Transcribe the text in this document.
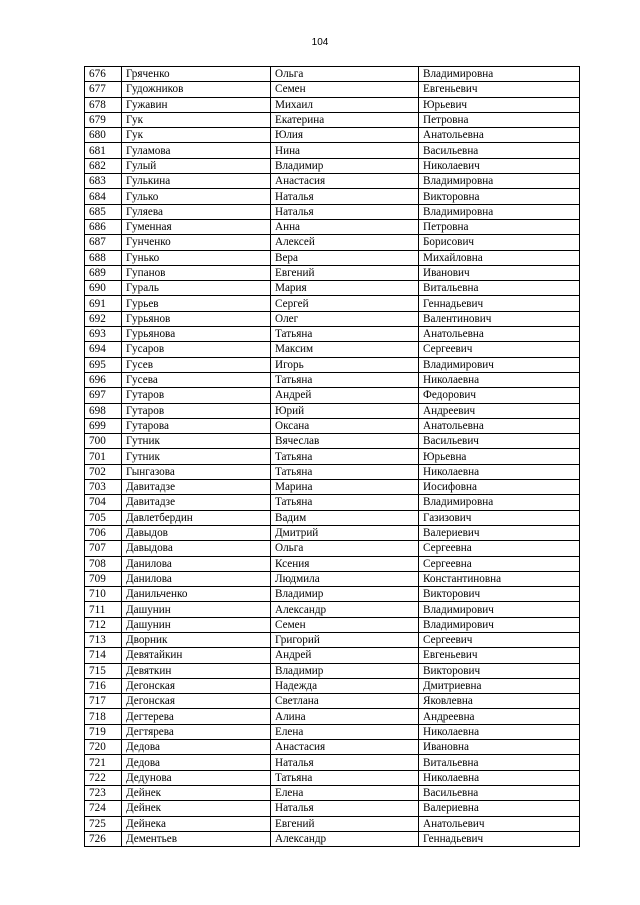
104
676	Гряченко	Ольга	Владимировна
677	Гудожников	Семен	Евгеньевич
678	Гужавин	Михаил	Юрьевич
679	Гук	Екатерина	Петровна
680	Гук	Юлия	Анатольевна
681	Гуламова	Нина	Васильевна
682	Гулый	Владимир	Николаевич
683	Гулькина	Анастасия	Владимировна
684	Гулько	Наталья	Викторовна
685	Гуляева	Наталья	Владимировна
686	Гуменная	Анна	Петровна
687	Гунченко	Алексей	Борисович
688	Гунько	Вера	Михайловна
689	Гупанов	Евгений	Иванович
690	Гураль	Мария	Витальевна
691	Гурьев	Сергей	Геннадьевич
692	Гурьянов	Олег	Валентинович
693	Гурьянова	Татьяна	Анатольевна
694	Гусаров	Максим	Сергеевич
695	Гусев	Игорь	Владимирович
696	Гусева	Татьяна	Николаевна
697	Гутаров	Андрей	Федорович
698	Гутаров	Юрий	Андреевич
699	Гутарова	Оксана	Анатольевна
700	Гутник	Вячеслав	Васильевич
701	Гутник	Татьяна	Юрьевна
702	Гынгазова	Татьяна	Николаевна
703	Давитадзе	Марина	Иосифовна
704	Давитадзе	Татьяна	Владимировна
705	Давлетбердин	Вадим	Газизович
706	Давыдов	Дмитрий	Валериевич
707	Давыдова	Ольга	Сергеевна
708	Данилова	Ксения	Сергеевна
709	Данилова	Людмила	Константиновна
710	Данильченко	Владимир	Викторович
711	Дашунин	Александр	Владимирович
712	Дашунин	Семен	Владимирович
713	Дворник	Григорий	Сергеевич
714	Девятайкин	Андрей	Евгеньевич
715	Девяткин	Владимир	Викторович
716	Дегонская	Надежда	Дмитриевна
717	Дегонская	Светлана	Яковлевна
718	Дегтерева	Алина	Андреевна
719	Дегтярева	Елена	Николаевна
720	Дедова	Анастасия	Ивановна
721	Дедова	Наталья	Витальевна
722	Дедунова	Татьяна	Николаевна
723	Дейнек	Елена	Васильевна
724	Дейнек	Наталья	Валериевна
725	Дейнека	Евгений	Анатольевич
726	Дементьев	Александр	Геннадьевич
